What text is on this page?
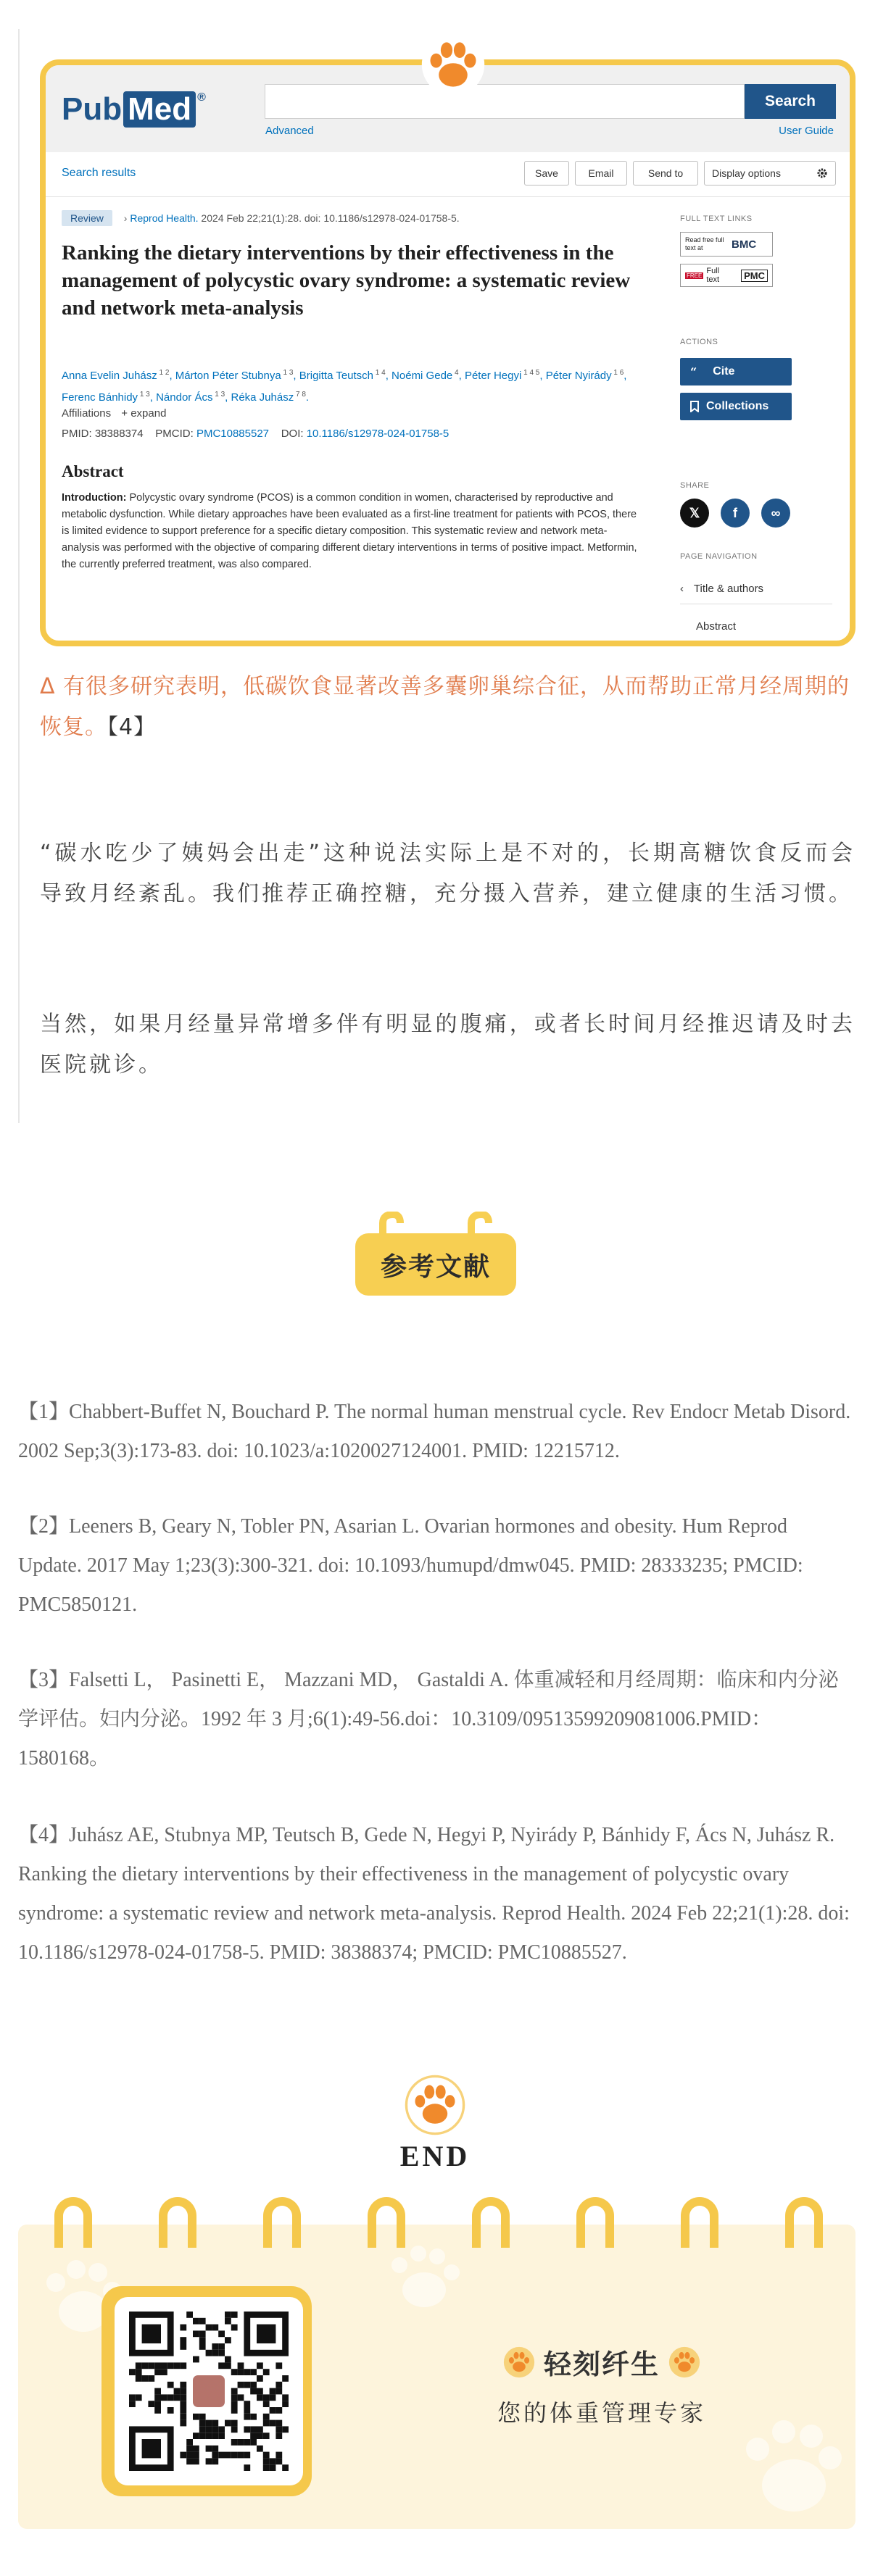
Pub Med ®	Search
Advanced	User Guide
Search results	Save	Email	Send to	Display options
Review › Reprod Health. 2024 Feb 22;21(1):28. doi: 10.1186/s12978-024-01758-5.
Ranking the dietary interventions by their effectiveness in the management of polycystic ovary syndrome: a systematic review and network meta-analysis
Anna Evelin Juhász $^{1 2}$, Márton Péter Stubnya $^{1 3}$, Brigitta Teutsch $^{1 4}$, Noémi Gede $^4$, Péter Hegyi $^{1 4 5}$, Péter Nyirády $^{1 6}$, Ferenc Bánhidy $^{1 3}$, Nándor Ács $^{1 3}$, Réka Juhász $^{7 8}$.
Affiliations + expand
PMID: 38388374 PMCID: PMC10885527 DOI: 10.1186/s12978-024-01758-5
Abstract
Introduction: Polycystic ovary syndrome (PCOS) is a common condition in women, characterised by reproductive and metabolic dysfunction. While dietary approaches have been evaluated as a first-line treatment for patients with PCOS, there is limited evidence to support preference for a specific dietary composition. This systematic review and network meta-analysis was performed with the objective of comparing different dietary interventions in terms of positive impact. Metformin, the currently preferred treatment, was also compared.
FULL TEXT LINKS
Read free full text at	BMC
FREE Full text	PMC
ACTIONS
“ Cite
Collections
SHARE
𝕏	f	∞
PAGE NAVIGATION
‹ Title & authors
Abstract
Δ 有很多研究表明，低碳饮食显著改善多囊卵巢综合征，从而帮助正常月经周期的恢复。【4】
“碳水吃少了姨妈会出走”这种说法实际上是不对的，长期高糖饮食反而会导致月经紊乱。我们推荐正确控糖，充分摄入营养，建立健康的生活习惯。
当然，如果月经量异常增多伴有明显的腹痛，或者长时间月经推迟请及时去医院就诊。
参考文献
【1】Chabbert-Buffet N, Bouchard P. The normal human menstrual cycle. Rev Endocr Metab Disord. 2002 Sep;3(3):173-83. doi: 10.1023/a:1020027124001. PMID: 12215712.
【2】Leeners B, Geary N, Tobler PN, Asarian L. Ovarian hormones and obesity. Hum Reprod Update. 2017 May 1;23(3):300-321. doi: 10.1093/humupd/dmw045. PMID: 28333235; PMCID: PMC5850121.
【3】Falsetti L， Pasinetti E， Mazzani MD， Gastaldi A. 体重减轻和月经周期：临床和内分泌学评估。妇内分泌。1992 年 3 月;6(1):49-56.doi：10.3109/09513599209081006.PMID：1580168。
【4】Juhász AE, Stubnya MP, Teutsch B, Gede N, Hegyi P, Nyirády P, Bánhidy F, Ács N, Juhász R. Ranking the dietary interventions by their effectiveness in the management of polycystic ovary syndrome: a systematic review and network meta-analysis. Reprod Health. 2024 Feb 22;21(1):28. doi: 10.1186/s12978-024-01758-5. PMID: 38388374; PMCID: PMC10885527.
END
轻刻纤生
您的体重管理专家
